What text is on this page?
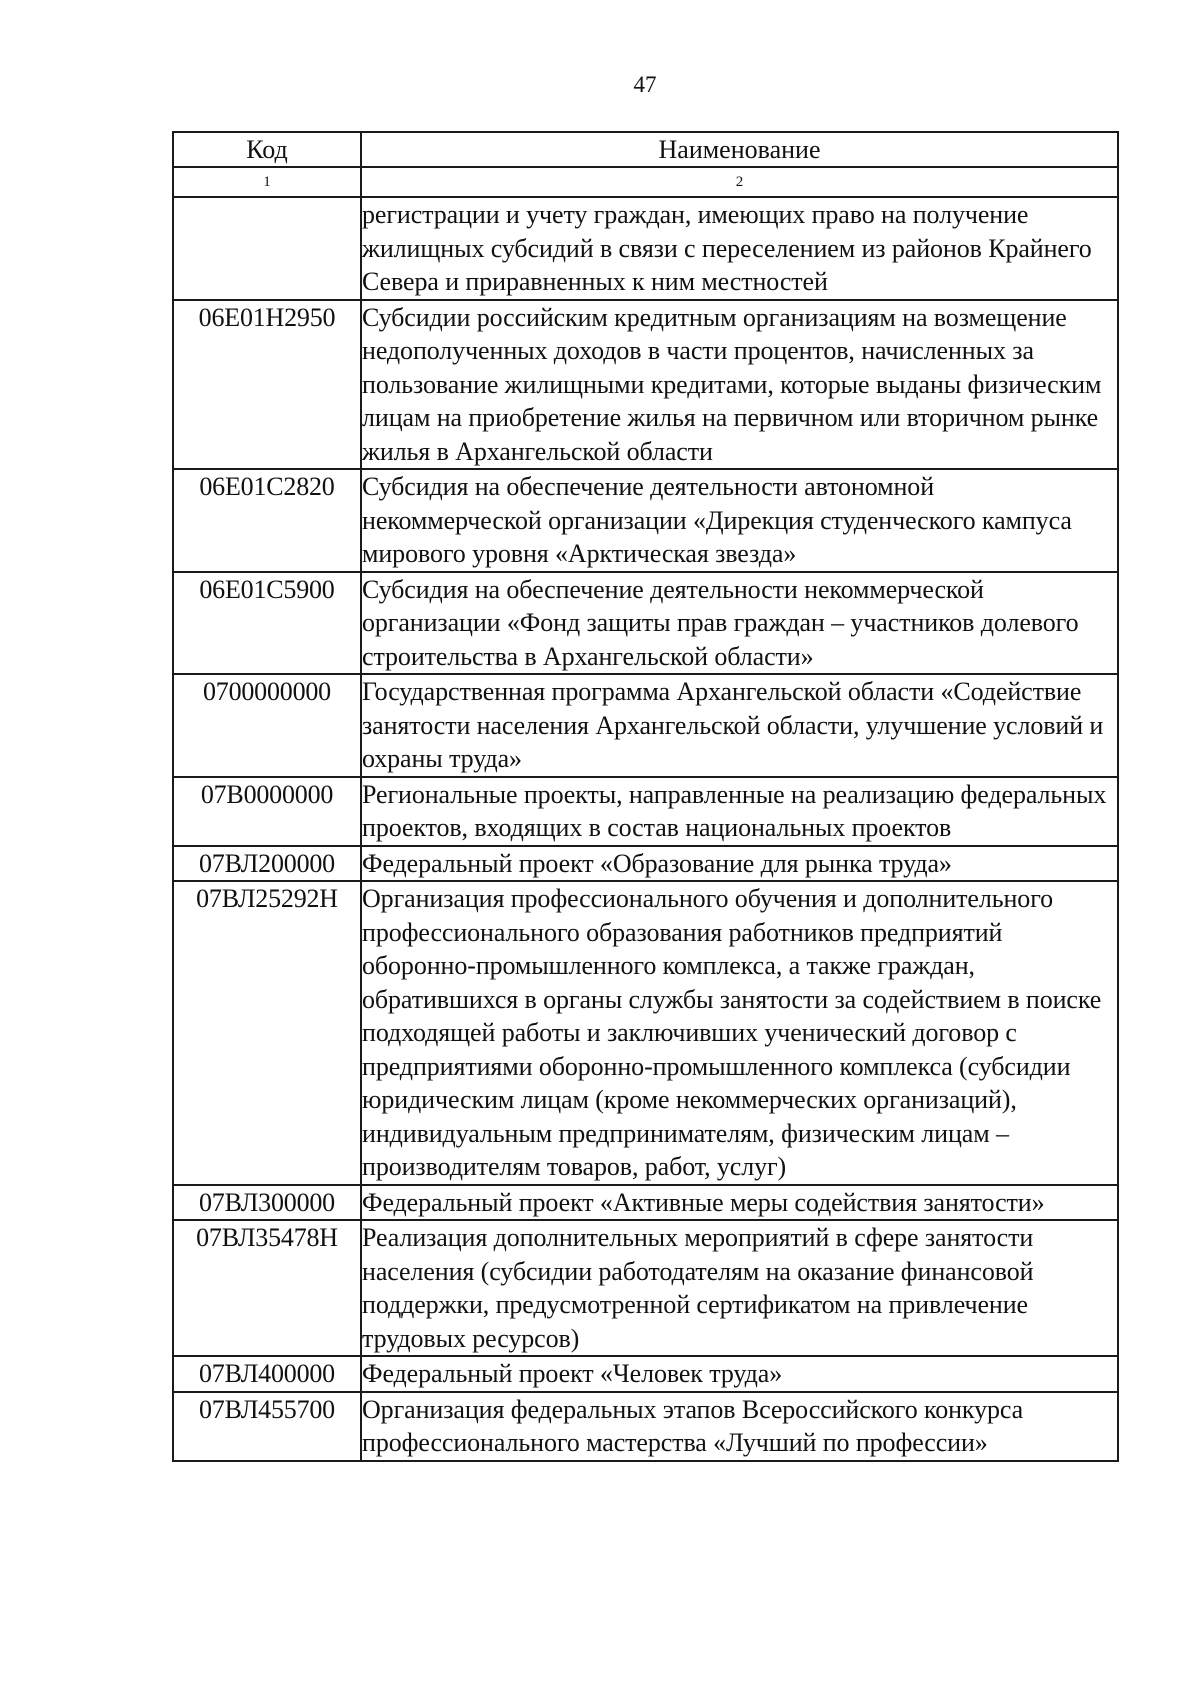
47
Код	Наименование
1	2
	регистрации и учету граждан, имеющих право на получение жилищных субсидий в связи с переселением из районов Крайнего Севера и приравненных к ним местностей
06Е01Н2950	Субсидии российским кредитным организациям на возмещение недополученных доходов в части процентов, начисленных за пользование жилищными кредитами, которые выданы физическим лицам на приобретение жилья на первичном или вторичном рынке жилья в Архангельской области
06Е01С2820	Субсидия на обеспечение деятельности автономной некоммерческой организации «Дирекция студенческого кампуса мирового уровня «Арктическая звезда»
06Е01С5900	Субсидия на обеспечение деятельности некоммерческой организации «Фонд защиты прав граждан – участников долевого строительства в Архангельской области»
0700000000	Государственная программа Архангельской области «Содействие занятости населения Архангельской области, улучшение условий и охраны труда»
07В0000000	Региональные проекты, направленные на реализацию федеральных проектов, входящих в состав национальных проектов
07ВЛ200000	Федеральный проект «Образование для рынка труда»
07ВЛ25292Н	Организация профессионального обучения и дополнительного профессионального образования работников предприятий оборонно-промышленного комплекса, а также граждан, обратившихся в органы службы занятости за содействием в поиске подходящей работы и заключивших ученический договор с предприятиями оборонно-промышленного комплекса (субсидии юридическим лицам (кроме некоммерческих организаций), индивидуальным предпринимателям, физическим лицам – производителям товаров, работ, услуг)
07ВЛ300000	Федеральный проект «Активные меры содействия занятости»
07ВЛ35478Н	Реализация дополнительных мероприятий в сфере занятости населения (субсидии работодателям на оказание финансовой поддержки, предусмотренной сертификатом на привлечение трудовых ресурсов)
07ВЛ400000	Федеральный проект «Человек труда»
07ВЛ455700	Организация федеральных этапов Всероссийского конкурса профессионального мастерства «Лучший по профессии»
